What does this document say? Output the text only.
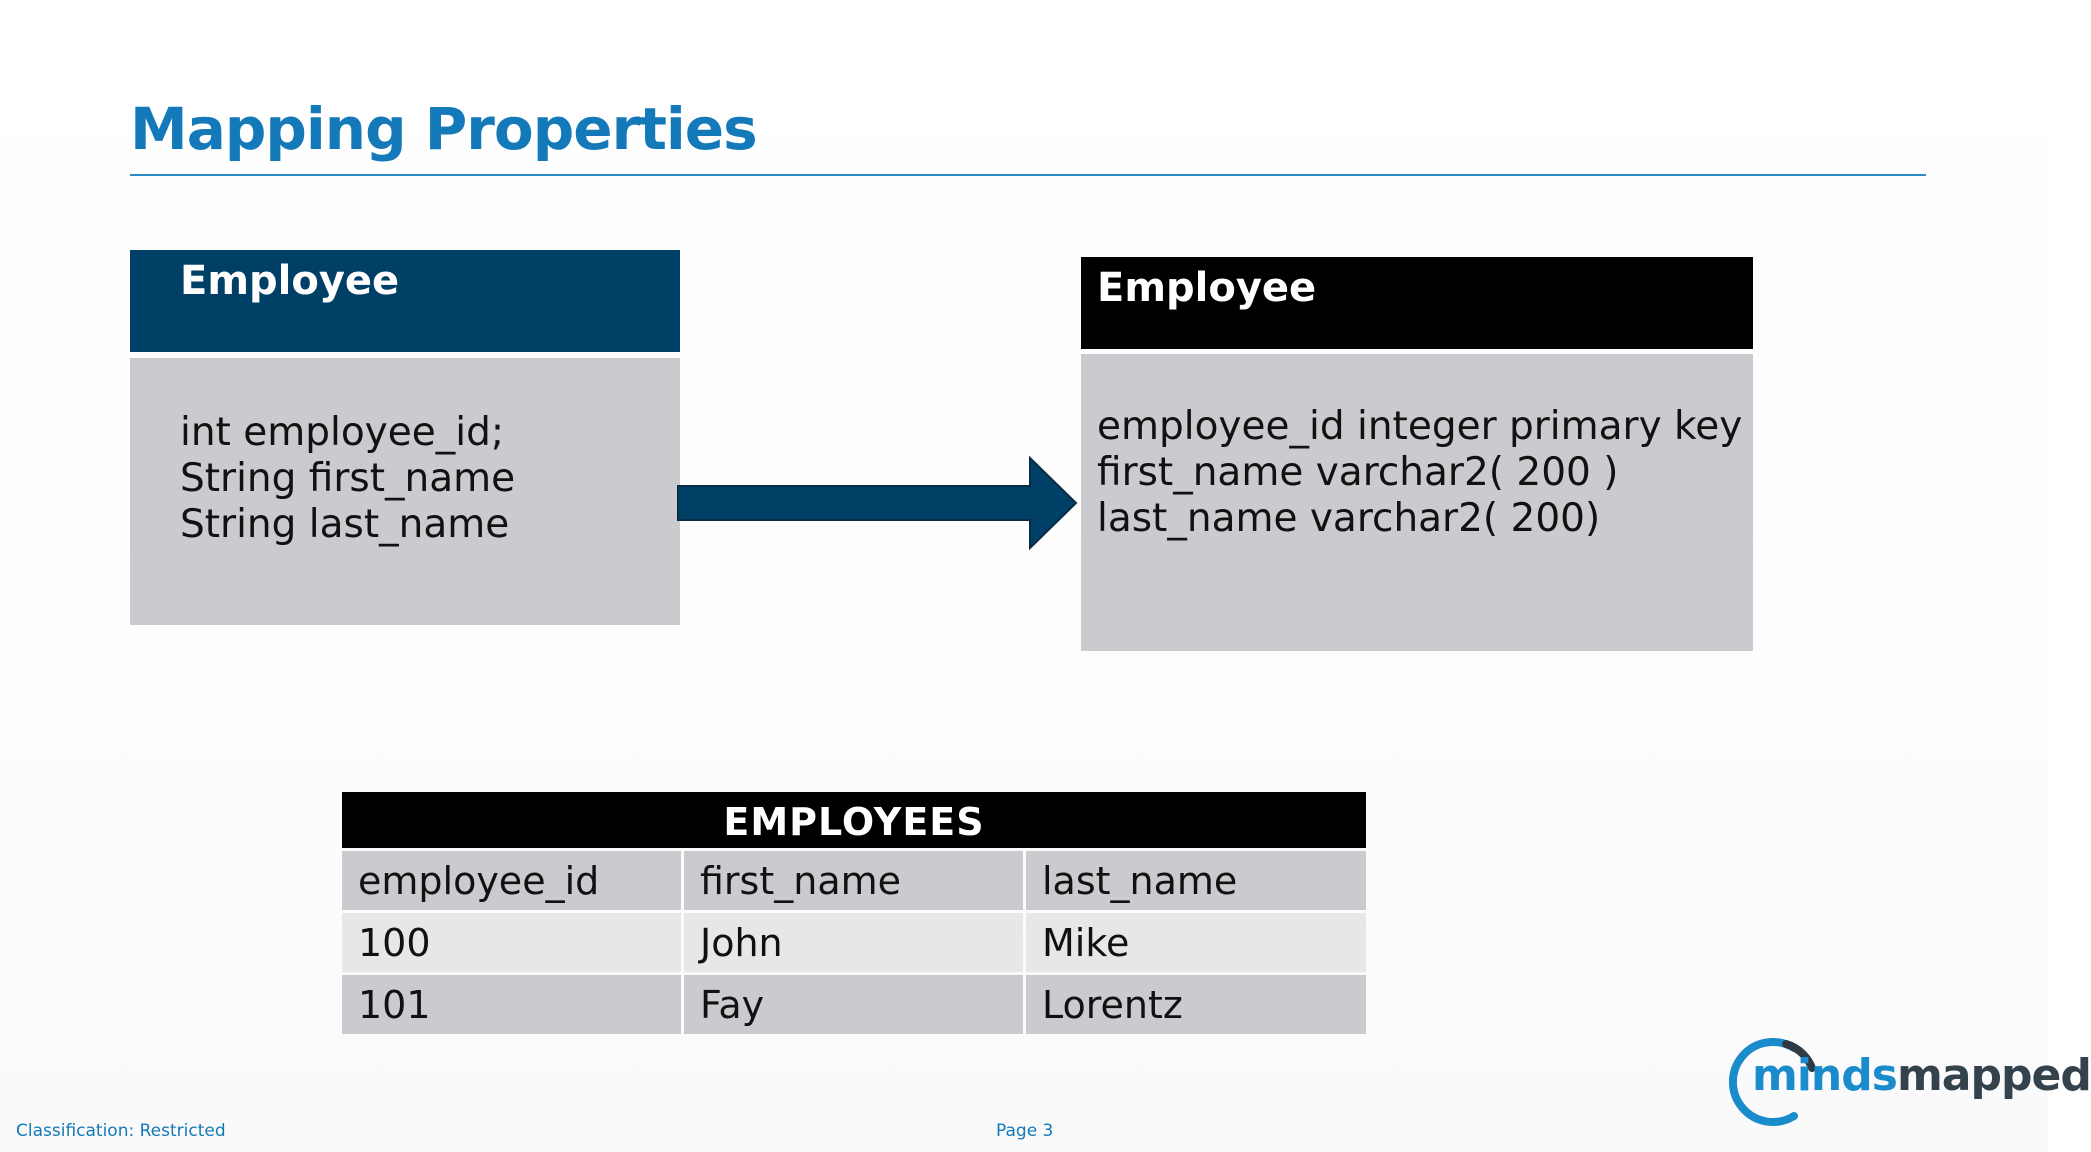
Mapping Properties
Employee
int employee_id;
String first_name
String last_name
Employee
employee_id integer primary key
first_name varchar2( 200 )
last_name varchar2( 200)
EMPLOYEES
employee_id	first_name	last_name
100	John	Mike
101	Fay	Lorentz
Classification: Restricted	Page 3
mindsmapped
